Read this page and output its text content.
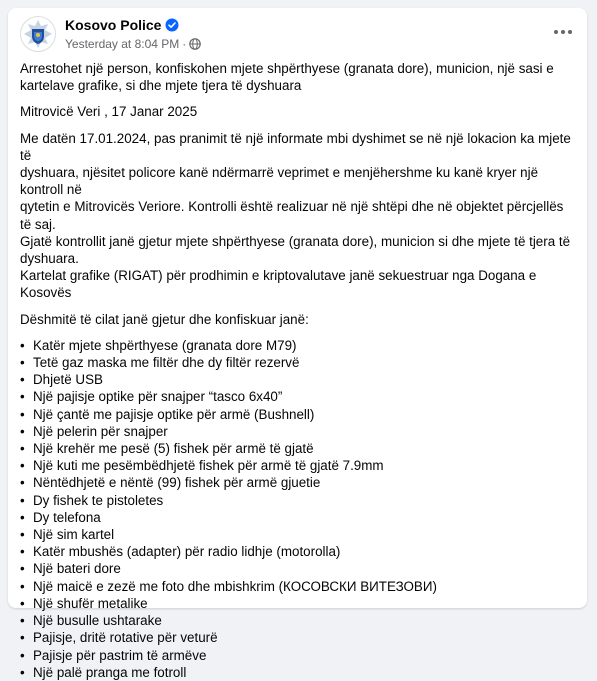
Kosovo Police
Yesterday at 8:04 PM ·

Arrestohet një person, konfiskohen mjete shpërthyese (granata dore), municion, një sasi e kartelave grafike, si dhe mjete tjera të dyshuara

Mitrovicë Veri , 17 Janar 2025

Me datën 17.01.2024, pas pranimit të një informate mbi dyshimet se në një lokacion ka mjete të
dyshuara, njësitet policore kanë ndërmarrë veprimet e menjëhershme ku kanë kryer një kontroll në
qytetin e Mitrovicës Veriore. Kontrolli është realizuar në një shtëpi dhe në objektet përcjellës të saj.
Gjatë kontrollit janë gjetur mjete shpërthyese (granata dore), municion si dhe mjete të tjera të
dyshuara.
Kartelat grafike (RIGAT) për prodhimin e kriptovalutave janë sekuestruar nga Dogana e Kosovës

Dëshmitë të cilat janë gjetur dhe konfiskuar janë:

• Katër mjete shpërthyese (granata dore M79)
• Tetë gaz maska me filtër dhe dy filtër rezervë
• Dhjetë USB
• Një pajisje optike për snajper “tasco 6x40”
• Një çantë me pajisje optike për armë (Bushnell)
• Një pelerin për snajper
• Një krehër me pesë (5) fishek për armë të gjatë
• Një kuti me pesëmbëdhjetë fishek për armë të gjatë 7.9mm
• Nëntëdhjetë e nëntë (99) fishek për armë gjuetie
• Dy fishek te pistoletes
• Dy telefona
• Një sim kartel
• Katër mbushës (adapter) për radio lidhje (motorolla)
• Një bateri dore
• Një maicë e zezë me foto dhe mbishkrim (КОСОВСКИ ВИТЕЗОВИ)
• Një shufër metalike
• Një busulle ushtarake
• Pajisje, dritë rotative për veturë
• Pajisje për pastrim të armëve
• Një palë pranga me fotroll
